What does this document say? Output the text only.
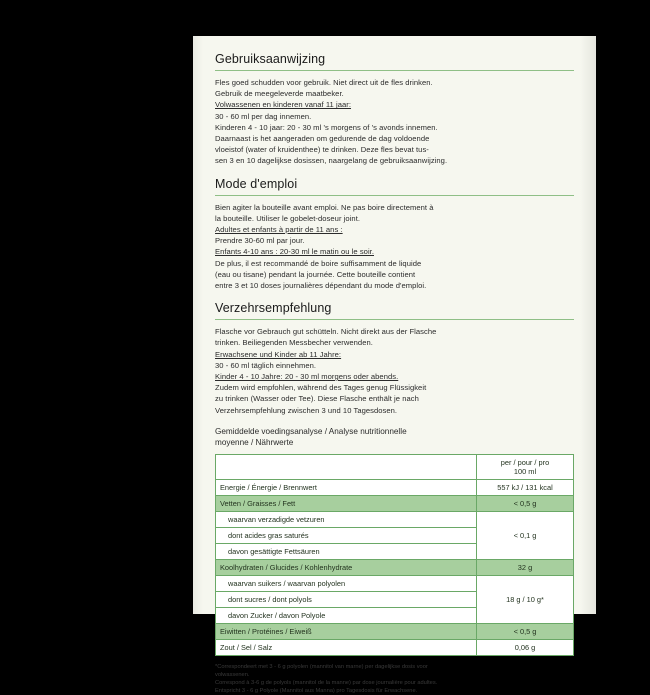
Gebruiksaanwijzing

Fles goed schudden voor gebruik. Niet direct uit de fles drinken.

Gebruik de meegeleverde maatbeker.

Volwassenen en kinderen vanaf 11 jaar:

30 - 60 ml per dag innemen.

Kinderen 4 - 10 jaar: 20 - 30 ml 's morgens of 's avonds innemen.

Daarnaast is het aangeraden om gedurende de dag voldoende

vloeistof (water of kruidenthee) te drinken. Deze fles bevat tus-

sen 3 en 10 dagelijkse dosissen, naargelang de gebruiksaanwijzing.

Mode d'emploi

Bien agiter la bouteille avant emploi. Ne pas boire directement à

la bouteille. Utiliser le gobelet-doseur joint.

Adultes et enfants à partir de 11 ans :

Prendre 30-60 ml par jour.

Enfants 4-10 ans : 20-30 ml le matin ou le soir.

De plus, il est recommandé de boire suffisamment de liquide

(eau ou tisane) pendant la journée. Cette bouteille contient

entre 3 et 10 doses journalières dépendant du mode d'emploi.

Verzehrsempfehlung

Flasche vor Gebrauch gut schütteln. Nicht direkt aus der Flasche

trinken. Beiliegenden Messbecher verwenden.

Erwachsene und Kinder ab 11 Jahre:

30 - 60 ml täglich einnehmen.

Kinder 4 - 10 Jahre: 20 - 30 ml morgens oder abends.

Zudem wird empfohlen, während des Tages genug Flüssigkeit

zu trinken (Wasser oder Tee). Diese Flasche enthält je nach

Verzehrsempfehlung zwischen 3 und 10 Tagesdosen.

Gemiddelde voedingsanalyse / Analyse nutritionnelle
moyenne / Nährwerte

	per / pour / pro
100 ml

Energie / Énergie / Brennwert	557 kJ / 131 kcal
Vetten / Graisses / Fett	< 0,5 g
waarvan verzadigde vetzuren	< 0,1 g
dont acides gras saturés	
davon gesättigte Fettsäuren	
Koolhydraten / Glucides / Kohlenhydrate	32 g
waarvan suikers / waarvan polyolen	18 g / 10 g*
dont sucres / dont polyols	
davon Zucker / davon Polyole	
Eiwitten / Protéines / Eiweiß	< 0,5 g
Zout / Sel / Salz	0,06 g

*Correspondeert met 3 - 6 g polyolen (mannitol van marne) per dagelijkse dosis voor

volwassenen.

Correspond à 3-6 g de polyols (mannitol de la manne) par dose journalière pour adultes.

Entspricht 3 - 6 g Polyole (Mannitol aus Manna) pro Tagesdosis für Erwachsene.
